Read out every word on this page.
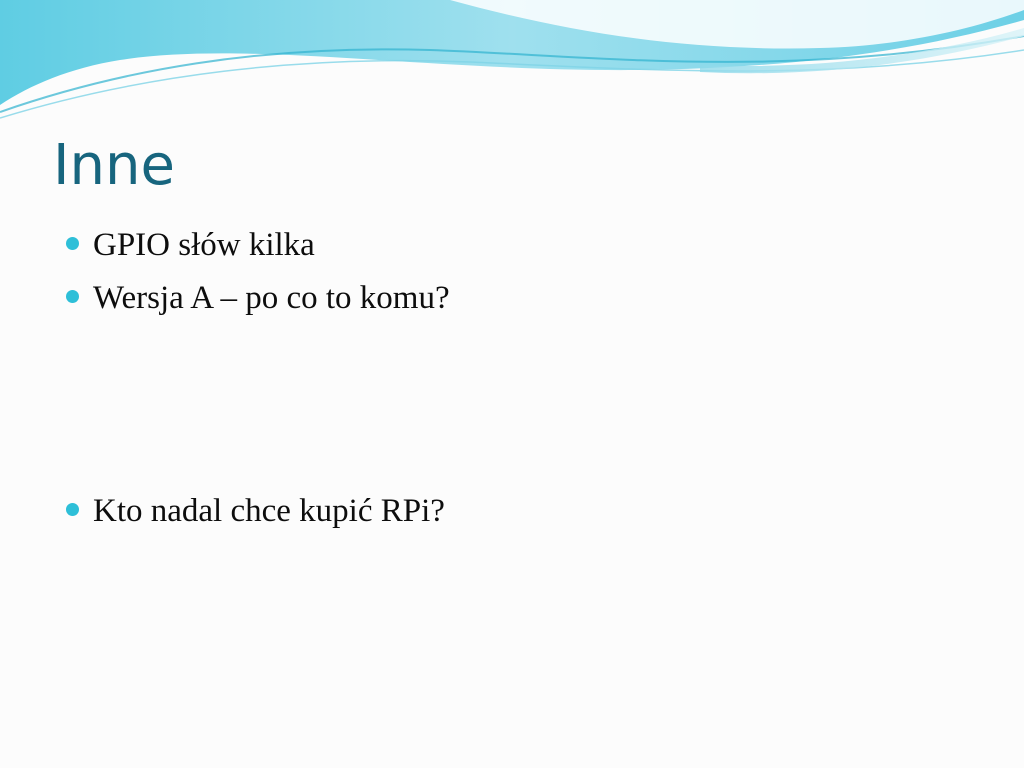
Inne
GPIO słów kilka
Wersja A – po co to komu?
Kto nadal chce kupić RPi?
